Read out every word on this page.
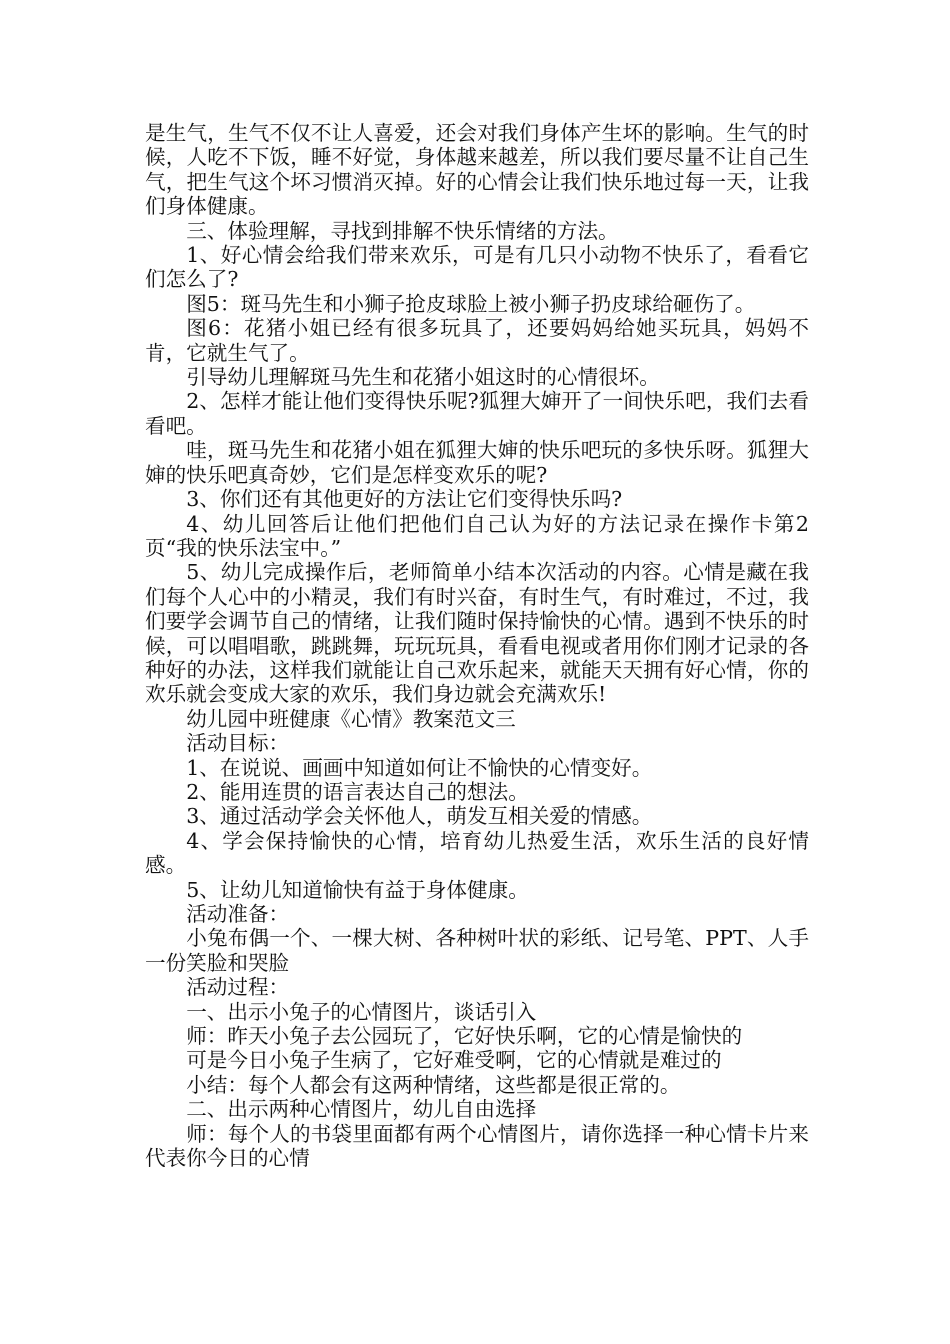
是生气，生气不仅不让人喜爱，还会对我们身体产生坏的影响。生气的时候，人吃不下饭，睡不好觉，身体越来越差，所以我们要尽量不让自己生气，把生气这个坏习惯消灭掉。好的心情会让我们快乐地过每一天，让我们身体健康。

三、体验理解，寻找到排解不快乐情绪的方法。

1、好心情会给我们带来欢乐，可是有几只小动物不快乐了，看看它们怎么了?

图5：斑马先生和小狮子抢皮球脸上被小狮子扔皮球给砸伤了。

图6：花猪小姐已经有很多玩具了，还要妈妈给她买玩具，妈妈不肯，它就生气了。

引导幼儿理解斑马先生和花猪小姐这时的心情很坏。

2、怎样才能让他们变得快乐呢?狐狸大婶开了一间快乐吧，我们去看看吧。

哇，斑马先生和花猪小姐在狐狸大婶的快乐吧玩的多快乐呀。狐狸大婶的快乐吧真奇妙，它们是怎样变欢乐的呢?

3、你们还有其他更好的方法让它们变得快乐吗?

4、幼儿回答后让他们把他们自己认为好的方法记录在操作卡第2页“我的快乐法宝中。”

5、幼儿完成操作后，老师简单小结本次活动的内容。心情是藏在我们每个人心中的小精灵，我们有时兴奋，有时生气，有时难过，不过，我们要学会调节自己的情绪，让我们随时保持愉快的心情。遇到不快乐的时候，可以唱唱歌，跳跳舞，玩玩玩具，看看电视或者用你们刚才记录的各种好的办法，这样我们就能让自己欢乐起来，就能天天拥有好心情，你的欢乐就会变成大家的欢乐，我们身边就会充满欢乐!

幼儿园中班健康《心情》教案范文三

活动目标：

1、在说说、画画中知道如何让不愉快的心情变好。

2、能用连贯的语言表达自己的想法。

3、通过活动学会关怀他人，萌发互相关爱的情感。

4、学会保持愉快的心情，培育幼儿热爱生活，欢乐生活的良好情感。

5、让幼儿知道愉快有益于身体健康。

活动准备：

小兔布偶一个、一棵大树、各种树叶状的彩纸、记号笔、PPT、人手一份笑脸和哭脸

活动过程：

一、出示小兔子的心情图片，谈话引入

师：昨天小兔子去公园玩了，它好快乐啊，它的心情是愉快的

可是今日小兔子生病了，它好难受啊，它的心情就是难过的

小结：每个人都会有这两种情绪，这些都是很正常的。

二、出示两种心情图片，幼儿自由选择

师：每个人的书袋里面都有两个心情图片，请你选择一种心情卡片来代表你今日的心情
